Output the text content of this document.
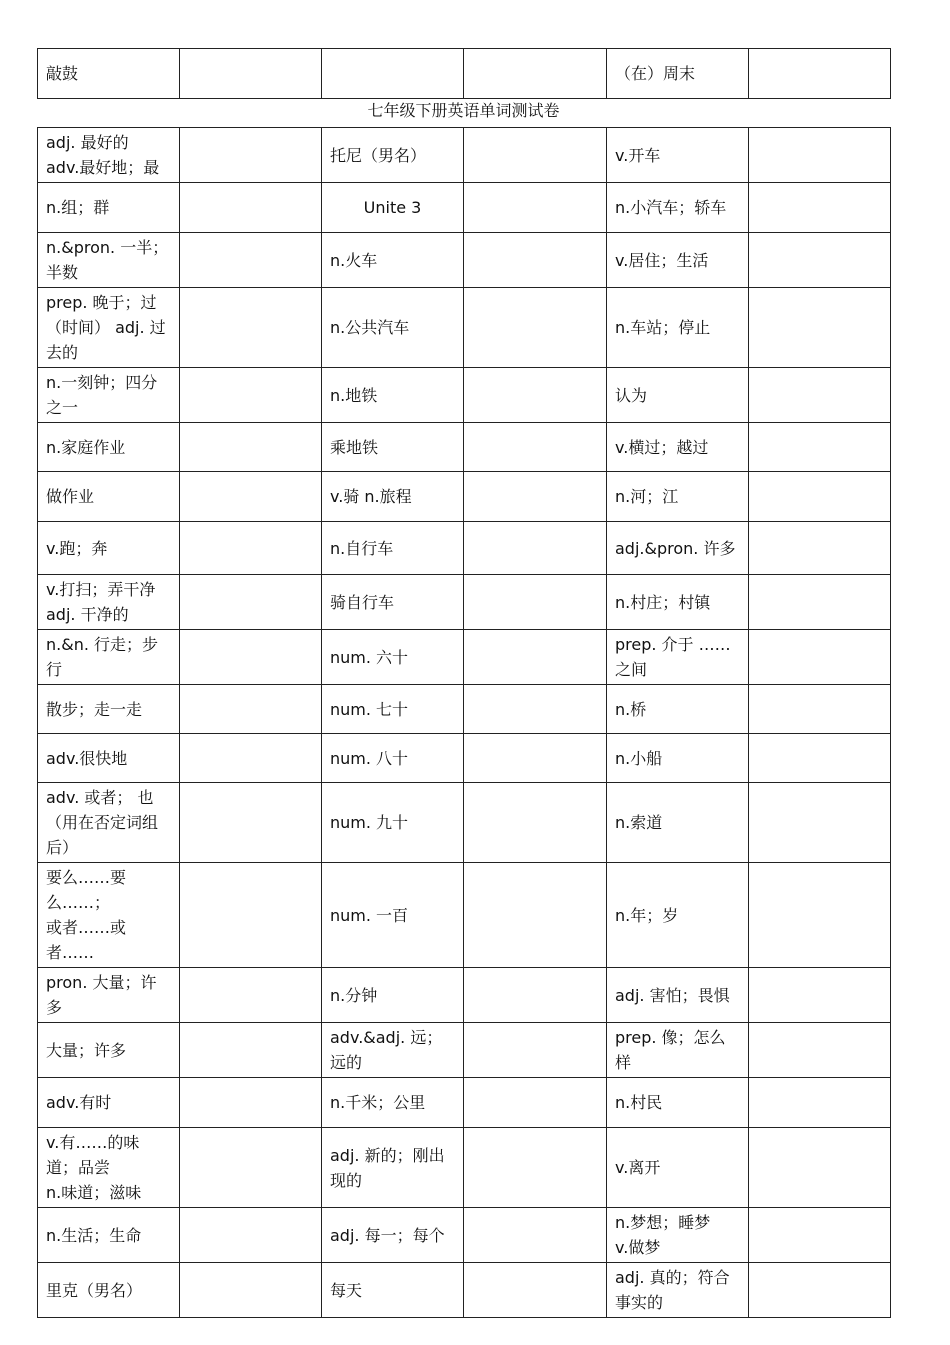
敲鼓				（在）周末	
七年级下册英语单词测试卷
adj. 最好的
adv.最好地；最		托尼（男名）		v.开车	
n.组；群		Unite 3		n.小汽车；轿车	
n.&pron. 一半；半数		n.火车		v.居住；生活	
prep. 晚于；过（时间） adj. 过去的		n.公共汽车		n.车站；停止	
n.一刻钟；四分之一		n.地铁		认为	
n.家庭作业		乘地铁		v.横过；越过	
做作业		v.骑 n.旅程		n.河；江	
v.跑；奔		n.自行车		adj.&pron. 许多	

v.打扫；弄干净
adj. 干净的		骑自行车		n.村庄；村镇	
n.&n. 行走；步行		num. 六十		prep. 介于 ……之间	
散步；走一走		num. 七十		n.桥	
adv.很快地		num. 八十		n.小船	
adv. 或者； 也（用在否定词组后）		num. 九十		n.索道	

要么……要么……；
或者……或者……		num. 一百		n.年；岁	
pron. 大量；许多		n.分钟		adj. 害怕；畏惧	
大量；许多		adv.&adj. 远；远的		prep. 像；怎么样	
adv.有时		n.千米；公里		n.村民	

v.有……的味道；品尝
n.味道；滋味		adj. 新的；刚出现的		v.离开	
n.生活；生命		adj. 每一；每个		n.梦想；睡梦
v.做梦	

里克（男名）		每天		adj. 真的；符合事实的	
